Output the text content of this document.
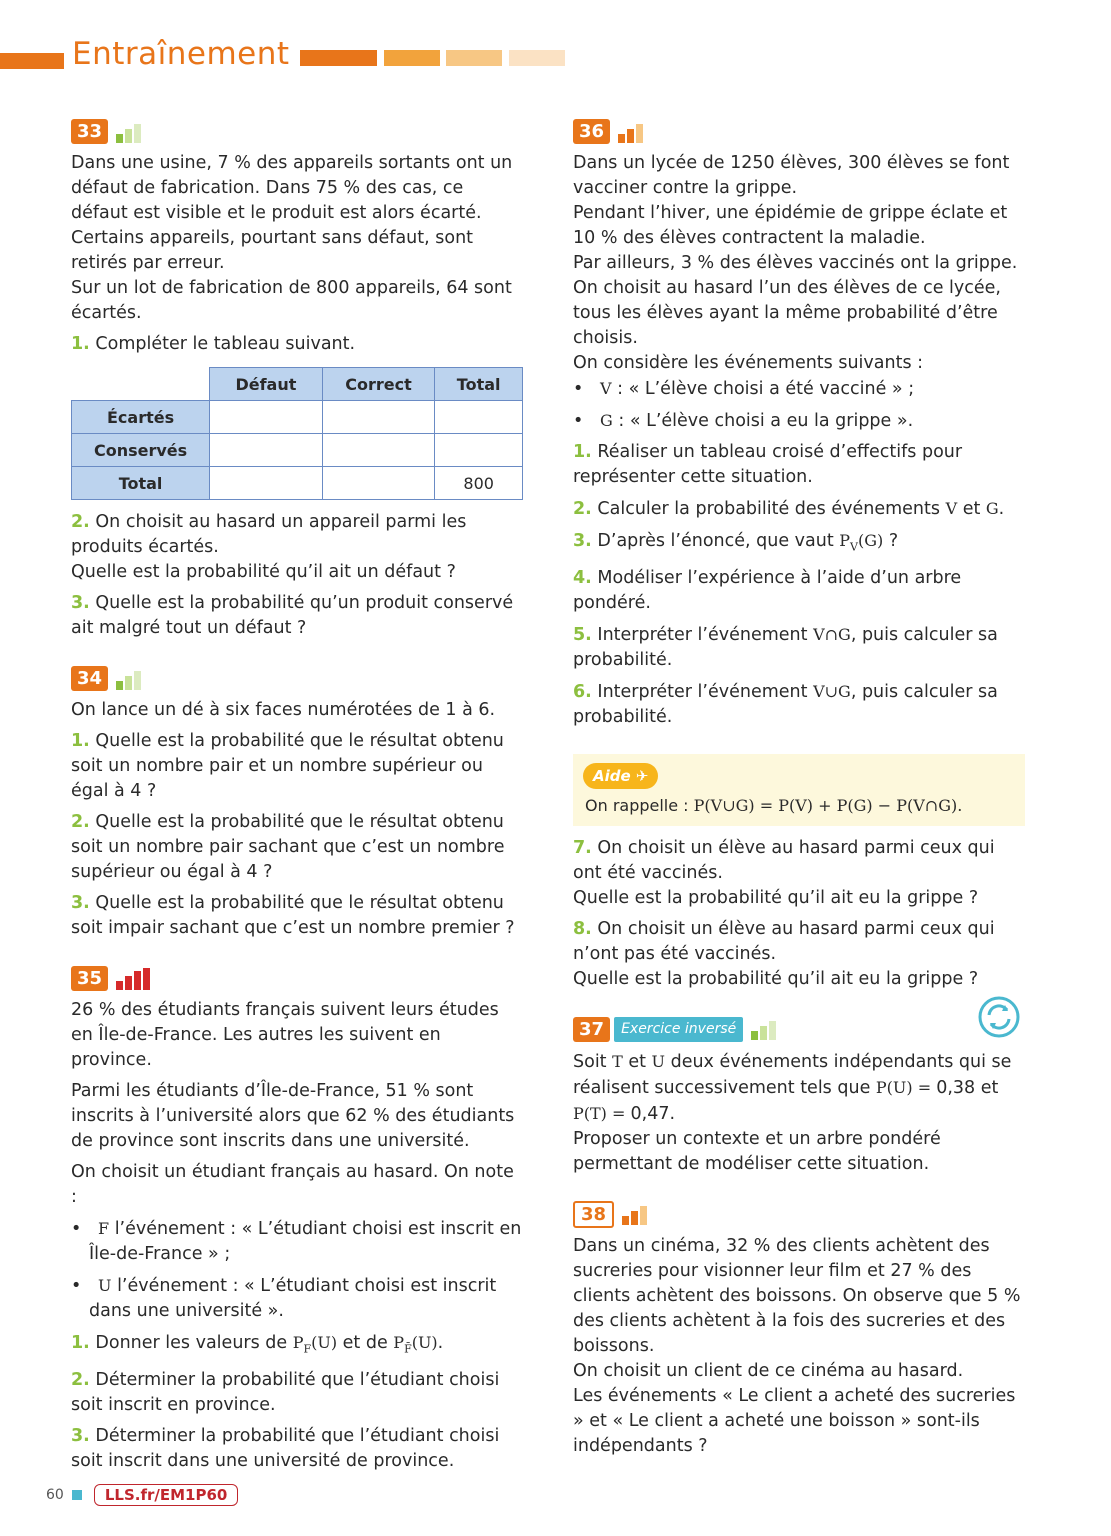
Entraînement
33

Dans une usine, 7 % des appareils sortants ont un défaut de fabrication. Dans 75 % des cas, ce défaut est visible et le produit est alors écarté.

Certains appareils, pourtant sans défaut, sont retirés par erreur.

Sur un lot de fabrication de 800 appareils, 64 sont écartés.

1. Compléter le tableau suivant.

	Défaut	Correct	Total
Écartés			
Conservés			
Total			800

2. On choisit au hasard un appareil parmi les produits écartés.

Quelle est la probabilité qu’il ait un défaut ?

3. Quelle est la probabilité qu’un produit conservé ait malgré tout un défaut ?

34

On lance un dé à six faces numérotées de 1 à 6.

1. Quelle est la probabilité que le résultat obtenu soit un nombre pair et un nombre supérieur ou égal à 4 ?

2. Quelle est la probabilité que le résultat obtenu soit un nombre pair sachant que c’est un nombre supérieur ou égal à 4 ?

3. Quelle est la probabilité que le résultat obtenu soit impair sachant que c’est un nombre premier ?

35

26 % des étudiants français suivent leurs études en Île-de-France. Les autres les suivent en province.

Parmi les étudiants d’Île-de-France, 51 % sont inscrits à l’université alors que 62 % des étudiants de province sont inscrits dans une université.

On choisit un étudiant français au hasard. On note :

•   F l’événement : « L’étudiant choisi est inscrit en Île-de-France » ;

•   U l’événement : « L’étudiant choisi est inscrit dans une université ».

1. Donner les valeurs de $P_F(U)$ et de $P_{F̄}(U)$.

2. Déterminer la probabilité que l’étudiant choisi soit inscrit en province.

3. Déterminer la probabilité que l’étudiant choisi soit inscrit dans une université de province.

36

Dans un lycée de 1250 élèves, 300 élèves se font vacciner contre la grippe.

Pendant l’hiver, une épidémie de grippe éclate et 10 % des élèves contractent la maladie.

Par ailleurs, 3 % des élèves vaccinés ont la grippe.

On choisit au hasard l’un des élèves de ce lycée, tous les élèves ayant la même probabilité d’être choisis.

On considère les événements suivants :

•   V : « L’élève choisi a été vacciné » ;

•   G : « L’élève choisi a eu la grippe ».

1. Réaliser un tableau croisé d’effectifs pour représenter cette situation.

2. Calculer la probabilité des événements V et G.

3. D’après l’énoncé, que vaut $P_V(G)$ ?

4. Modéliser l’expérience à l’aide d’un arbre pondéré.

5. Interpréter l’événement V∩G, puis calculer sa probabilité.

6. Interpréter l’événement V∪G, puis calculer sa probabilité.

Aide ✈
On rappelle : P(V∪G) = P(V) + P(G) − P(V∩G).

7. On choisit un élève au hasard parmi ceux qui ont été vaccinés.

Quelle est la probabilité qu’il ait eu la grippe ?

8. On choisit un élève au hasard parmi ceux qui n’ont pas été vaccinés.

Quelle est la probabilité qu’il ait eu la grippe ?

37	Exercice inversé

Soit T et U deux événements indépendants qui se réalisent successivement tels que P(U) = 0,38 et P(T) = 0,47.

Proposer un contexte et un arbre pondéré permettant de modéliser cette situation.

38

Dans un cinéma, 32 % des clients achètent des sucreries pour visionner leur film et 27 % des clients achètent des boissons. On observe que 5 % des clients achètent à la fois des sucreries et des boissons.

On choisit un client de ce cinéma au hasard.

Les événements « Le client a acheté des sucreries » et « Le client a acheté une boisson » sont-ils indépendants ?

60	LLS.fr/EM1P60
